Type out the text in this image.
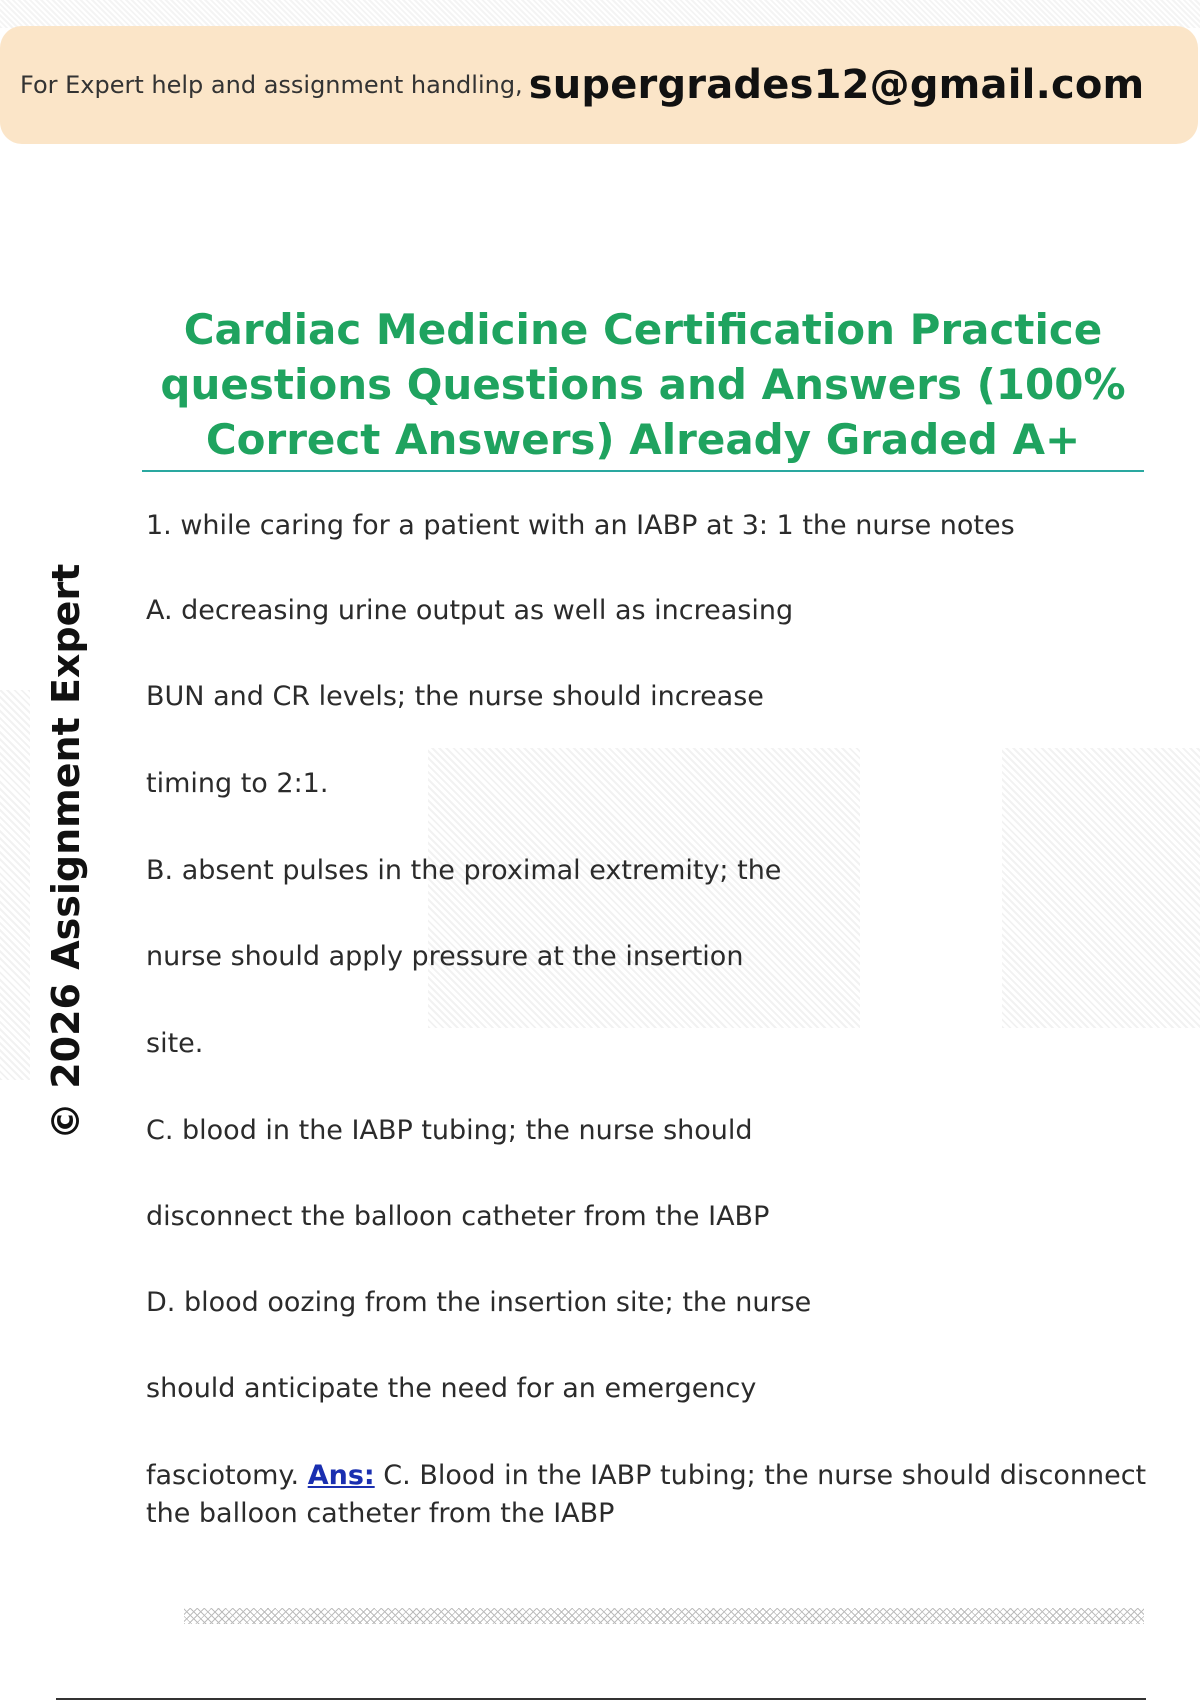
For Expert help and assignment handling, supergrades12@gmail.com
Cardiac Medicine Certification Practice questions Questions and Answers (100% Correct Answers) Already Graded A+
© 2026 Assignment Expert
1. while caring for a patient with an IABP at 3: 1 the nurse notes
A. decreasing urine output as well as increasing
BUN and CR levels; the nurse should increase
timing to 2:1.
B. absent pulses in the proximal extremity; the
nurse should apply pressure at the insertion
site.
C. blood in the IABP tubing; the nurse should
disconnect the balloon catheter from the IABP
D. blood oozing from the insertion site; the nurse
should anticipate the need for an emergency
fasciotomy. Ans: C. Blood in the IABP tubing; the nurse should disconnect
the balloon catheter from the IABP
